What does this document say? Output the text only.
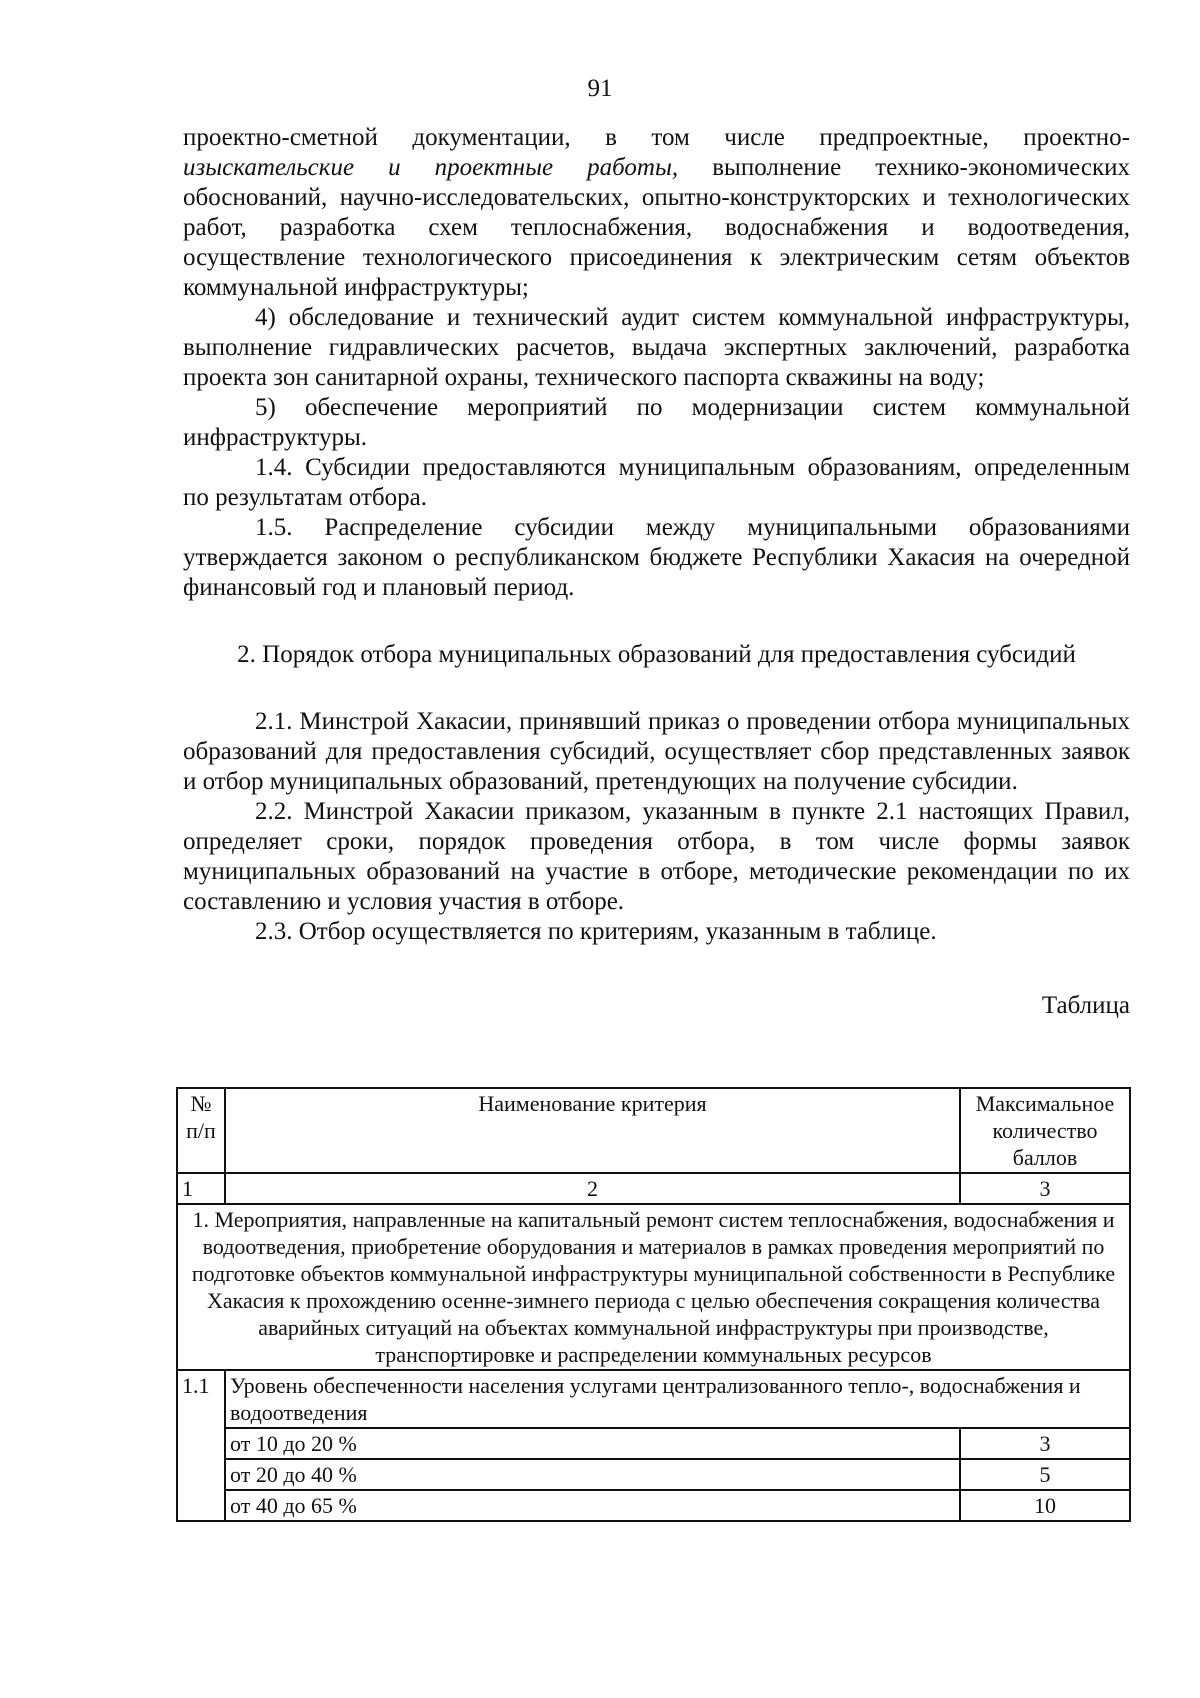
91

проектно-сметной документации, в том числе предпроектные, проектно- изыскательские и проектные работы, выполнение технико-экономических обоснований, научно-исследовательских, опытно-конструкторских и технологических работ, разработка схем теплоснабжения, водоснабжения и водоотведения, осуществление технологического присоединения к электрическим сетям объектов коммунальной инфраструктуры;

4) обследование и технический аудит систем коммунальной инфраструктуры, выполнение гидравлических расчетов, выдача экспертных заключений, разработка проекта зон санитарной охраны, технического паспорта скважины на воду;

5) обеспечение мероприятий по модернизации систем коммунальной инфраструктуры.

1.4. Субсидии предоставляются муниципальным образованиям, определенным по результатам отбора.

1.5. Распределение субсидии между муниципальными образованиями утверждается законом о республиканском бюджете Республики Хакасия на очередной финансовый год и плановый период.

2. Порядок отбора муниципальных образований для предоставления субсидий

2.1. Минстрой Хакасии, принявший приказ о проведении отбора муниципальных образований для предоставления субсидий, осуществляет сбор представленных заявок и отбор муниципальных образований, претендующих на получение субсидии.

2.2. Минстрой Хакасии приказом, указанным в пункте 2.1 настоящих Правил, определяет сроки, порядок проведения отбора, в том числе формы заявок муниципальных образований на участие в отборе, методические рекомендации по их составлению и условия участия в отборе.

2.3. Отбор осуществляется по критериям, указанным в таблице.

Таблица

№ п/п	Наименование критерия	Максимальное количество баллов
1	2	3
1. Мероприятия, направленные на капитальный ремонт систем теплоснабжения, водоснабжения и водоотведения, приобретение оборудования и материалов в рамках проведения мероприятий по подготовке объектов коммунальной инфраструктуры муниципальной собственности в Республике Хакасия к прохождению осенне-зимнего периода с целью обеспечения сокращения количества аварийных ситуаций на объектах коммунальной инфраструктуры при производстве, транспортировке и распределении коммунальных ресурсов		
1.1	Уровень обеспеченности населения услугами централизованного тепло-, водоснабжения и водоотведения	
	от 10 до 20 %	3
	от 20 до 40 %	5
	от 40 до 65 %	10
